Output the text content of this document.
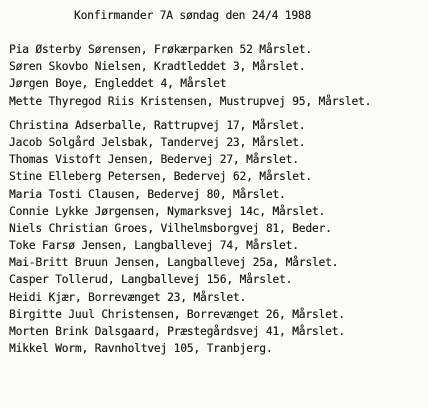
Konfirmander 7A søndag den 24/4 1988
Pia Østerby Sørensen, Frøkærparken 52 Mårslet.
Søren Skovbo Nielsen, Kradtleddet 3, Mårslet.
Jørgen Boye, Engleddet 4, Mårslet
Mette Thyregod Riis Kristensen, Mustrupvej 95, Mårslet.
Christina Adserballe, Rattrupvej 17, Mårslet.
Jacob Solgård Jelsbak, Tandervej 23, Mårslet.
Thomas Vistoft Jensen, Bedervej 27, Mårslet.
Stine Elleberg Petersen, Bedervej 62, Mårslet.
Maria Tosti Clausen, Bedervej 80, Mårslet.
Connie Lykke Jørgensen, Nymarksvej 14c, Mårslet.
Niels Christian Groes, Vilhelmsborgvej 81, Beder.
Toke Farsø Jensen, Langballevej 74, Mårslet.
Mai-Britt Bruun Jensen, Langballevej 25a, Mårslet.
Casper Tollerud, Langballevej 156, Mårslet.
Heidi Kjær, Borrevænget 23, Mårslet.
Birgitte Juul Christensen, Borrevænget 26, Mårslet.
Morten Brink Dalsgaard, Præstegårdsvej 41, Mårslet.
Mikkel Worm, Ravnholtvej 105, Tranbjerg.
